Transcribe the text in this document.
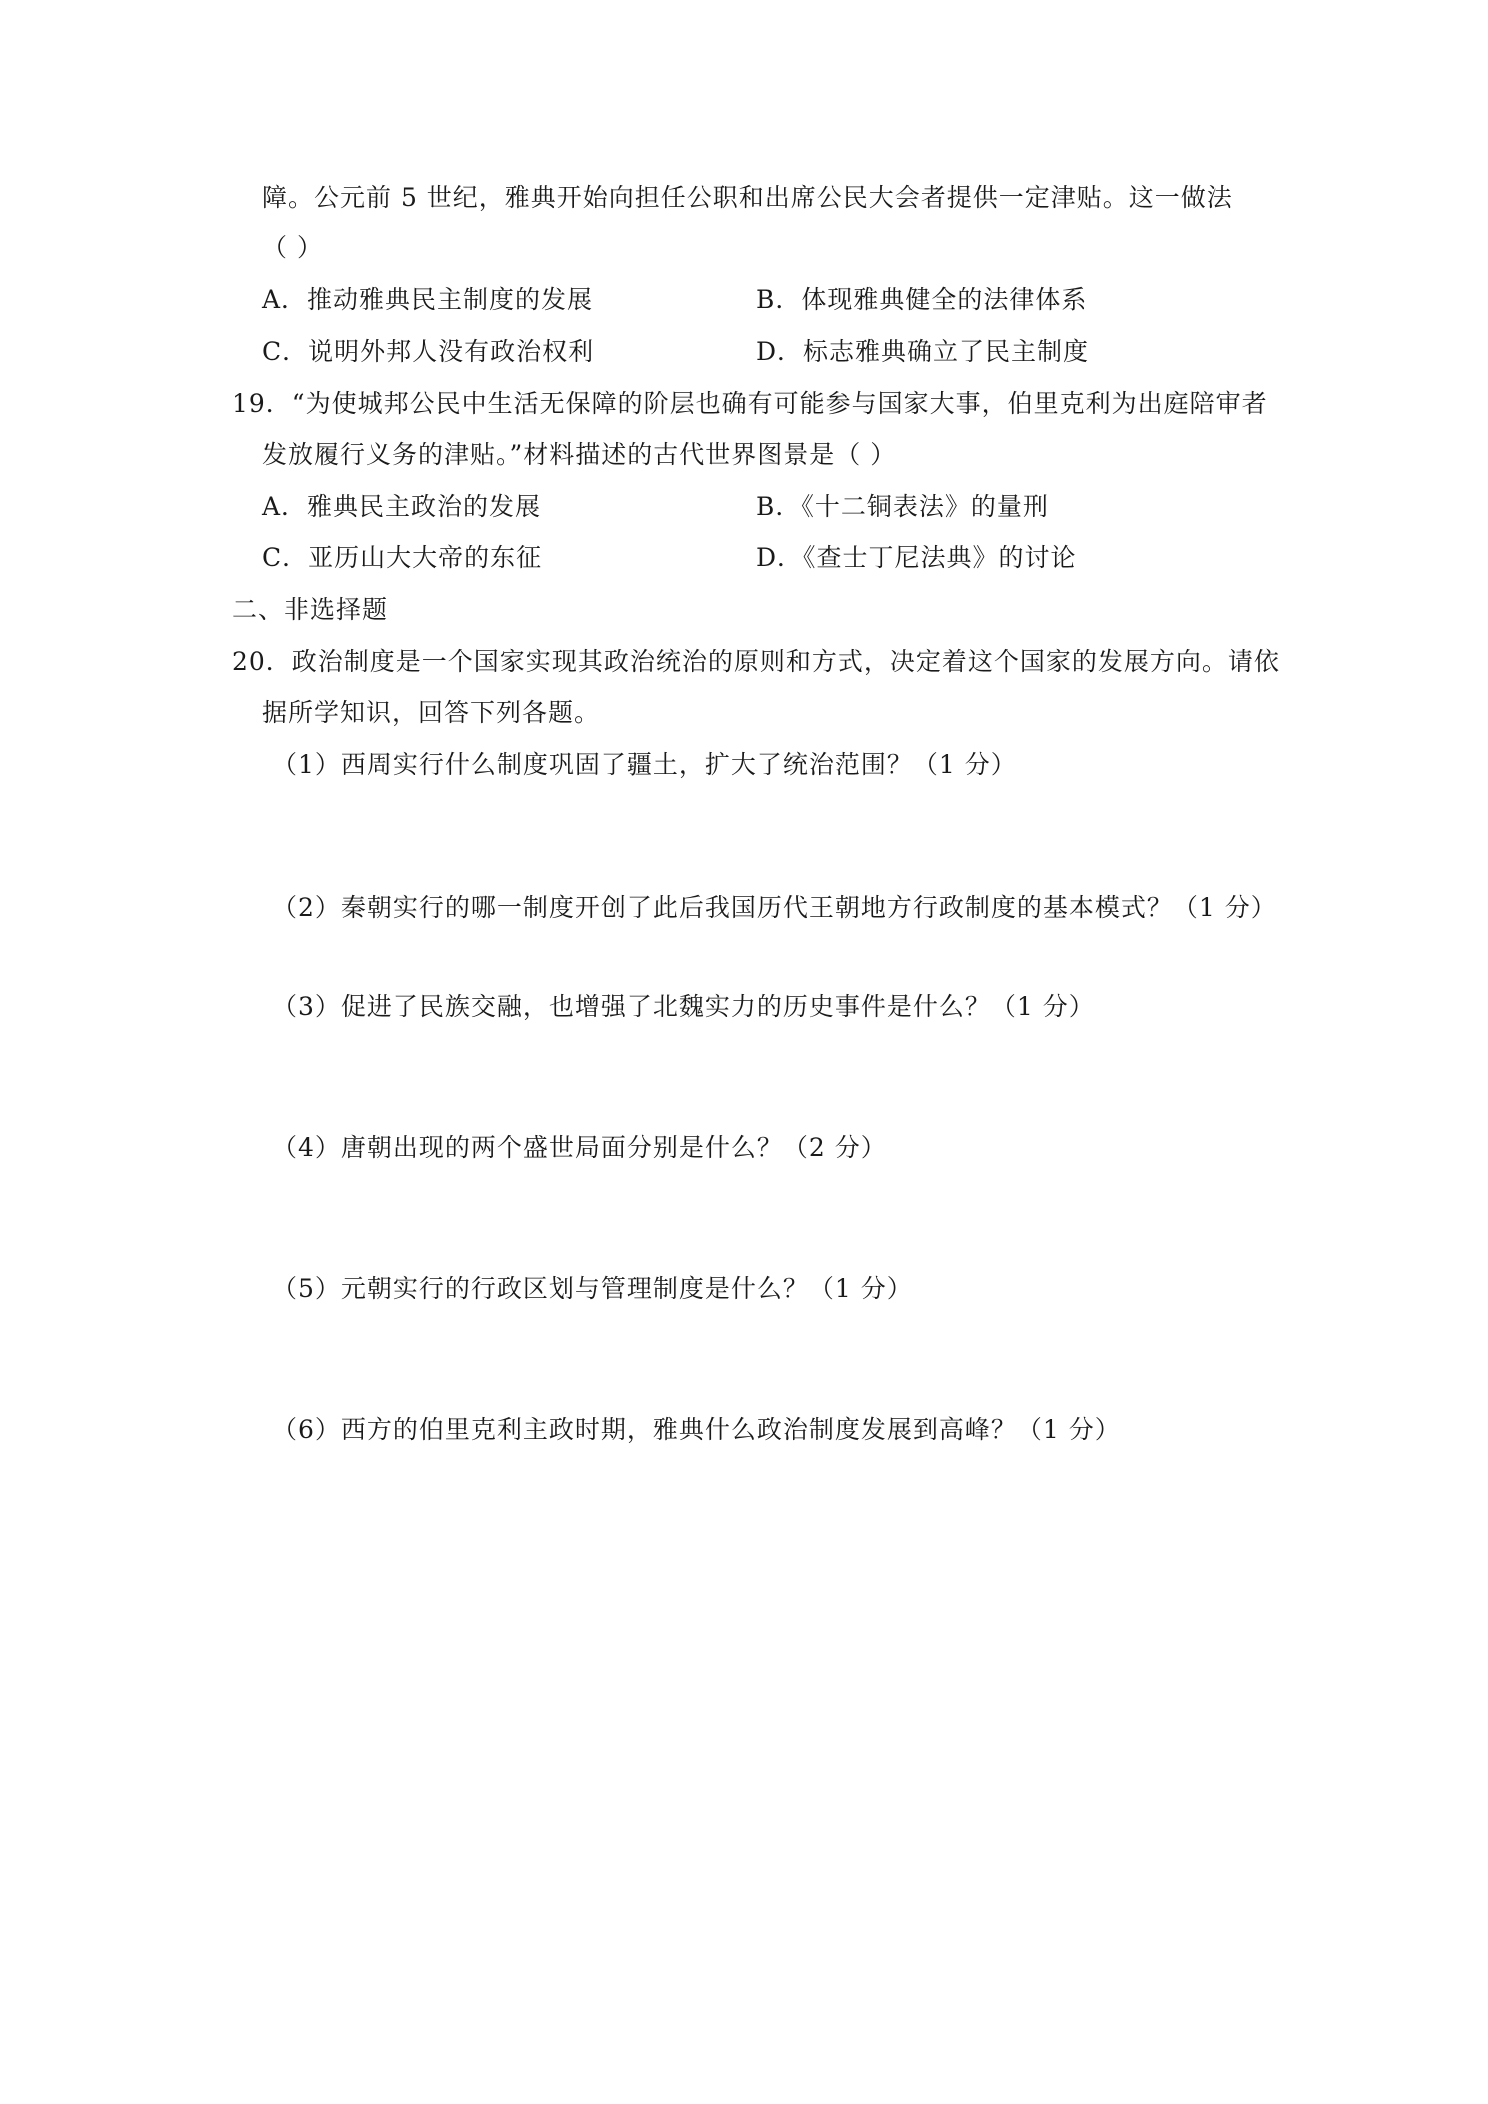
障。公元前 5 世纪，雅典开始向担任公职和出席公民大会者提供一定津贴。这一做法
（ ）
A．推动雅典民主制度的发展	B．体现雅典健全的法律体系
C．说明外邦人没有政治权利	D．标志雅典确立了民主制度
19．“为使城邦公民中生活无保障的阶层也确有可能参与国家大事，伯里克利为出庭陪审者
发放履行义务的津贴。”材料描述的古代世界图景是（ ）
A．雅典民主政治的发展	B．《十二铜表法》的量刑
C．亚历山大大帝的东征	D．《查士丁尼法典》的讨论
二、非选择题
20．政治制度是一个国家实现其政治统治的原则和方式，决定着这个国家的发展方向。请依
据所学知识，回答下列各题。
（1）西周实行什么制度巩固了疆土，扩大了统治范围？（1 分）
（2）秦朝实行的哪一制度开创了此后我国历代王朝地方行政制度的基本模式？（1 分）
（3）促进了民族交融，也增强了北魏实力的历史事件是什么？（1 分）
（4）唐朝出现的两个盛世局面分别是什么？（2 分）
（5）元朝实行的行政区划与管理制度是什么？（1 分）
（6）西方的伯里克利主政时期，雅典什么政治制度发展到高峰？（1 分）
